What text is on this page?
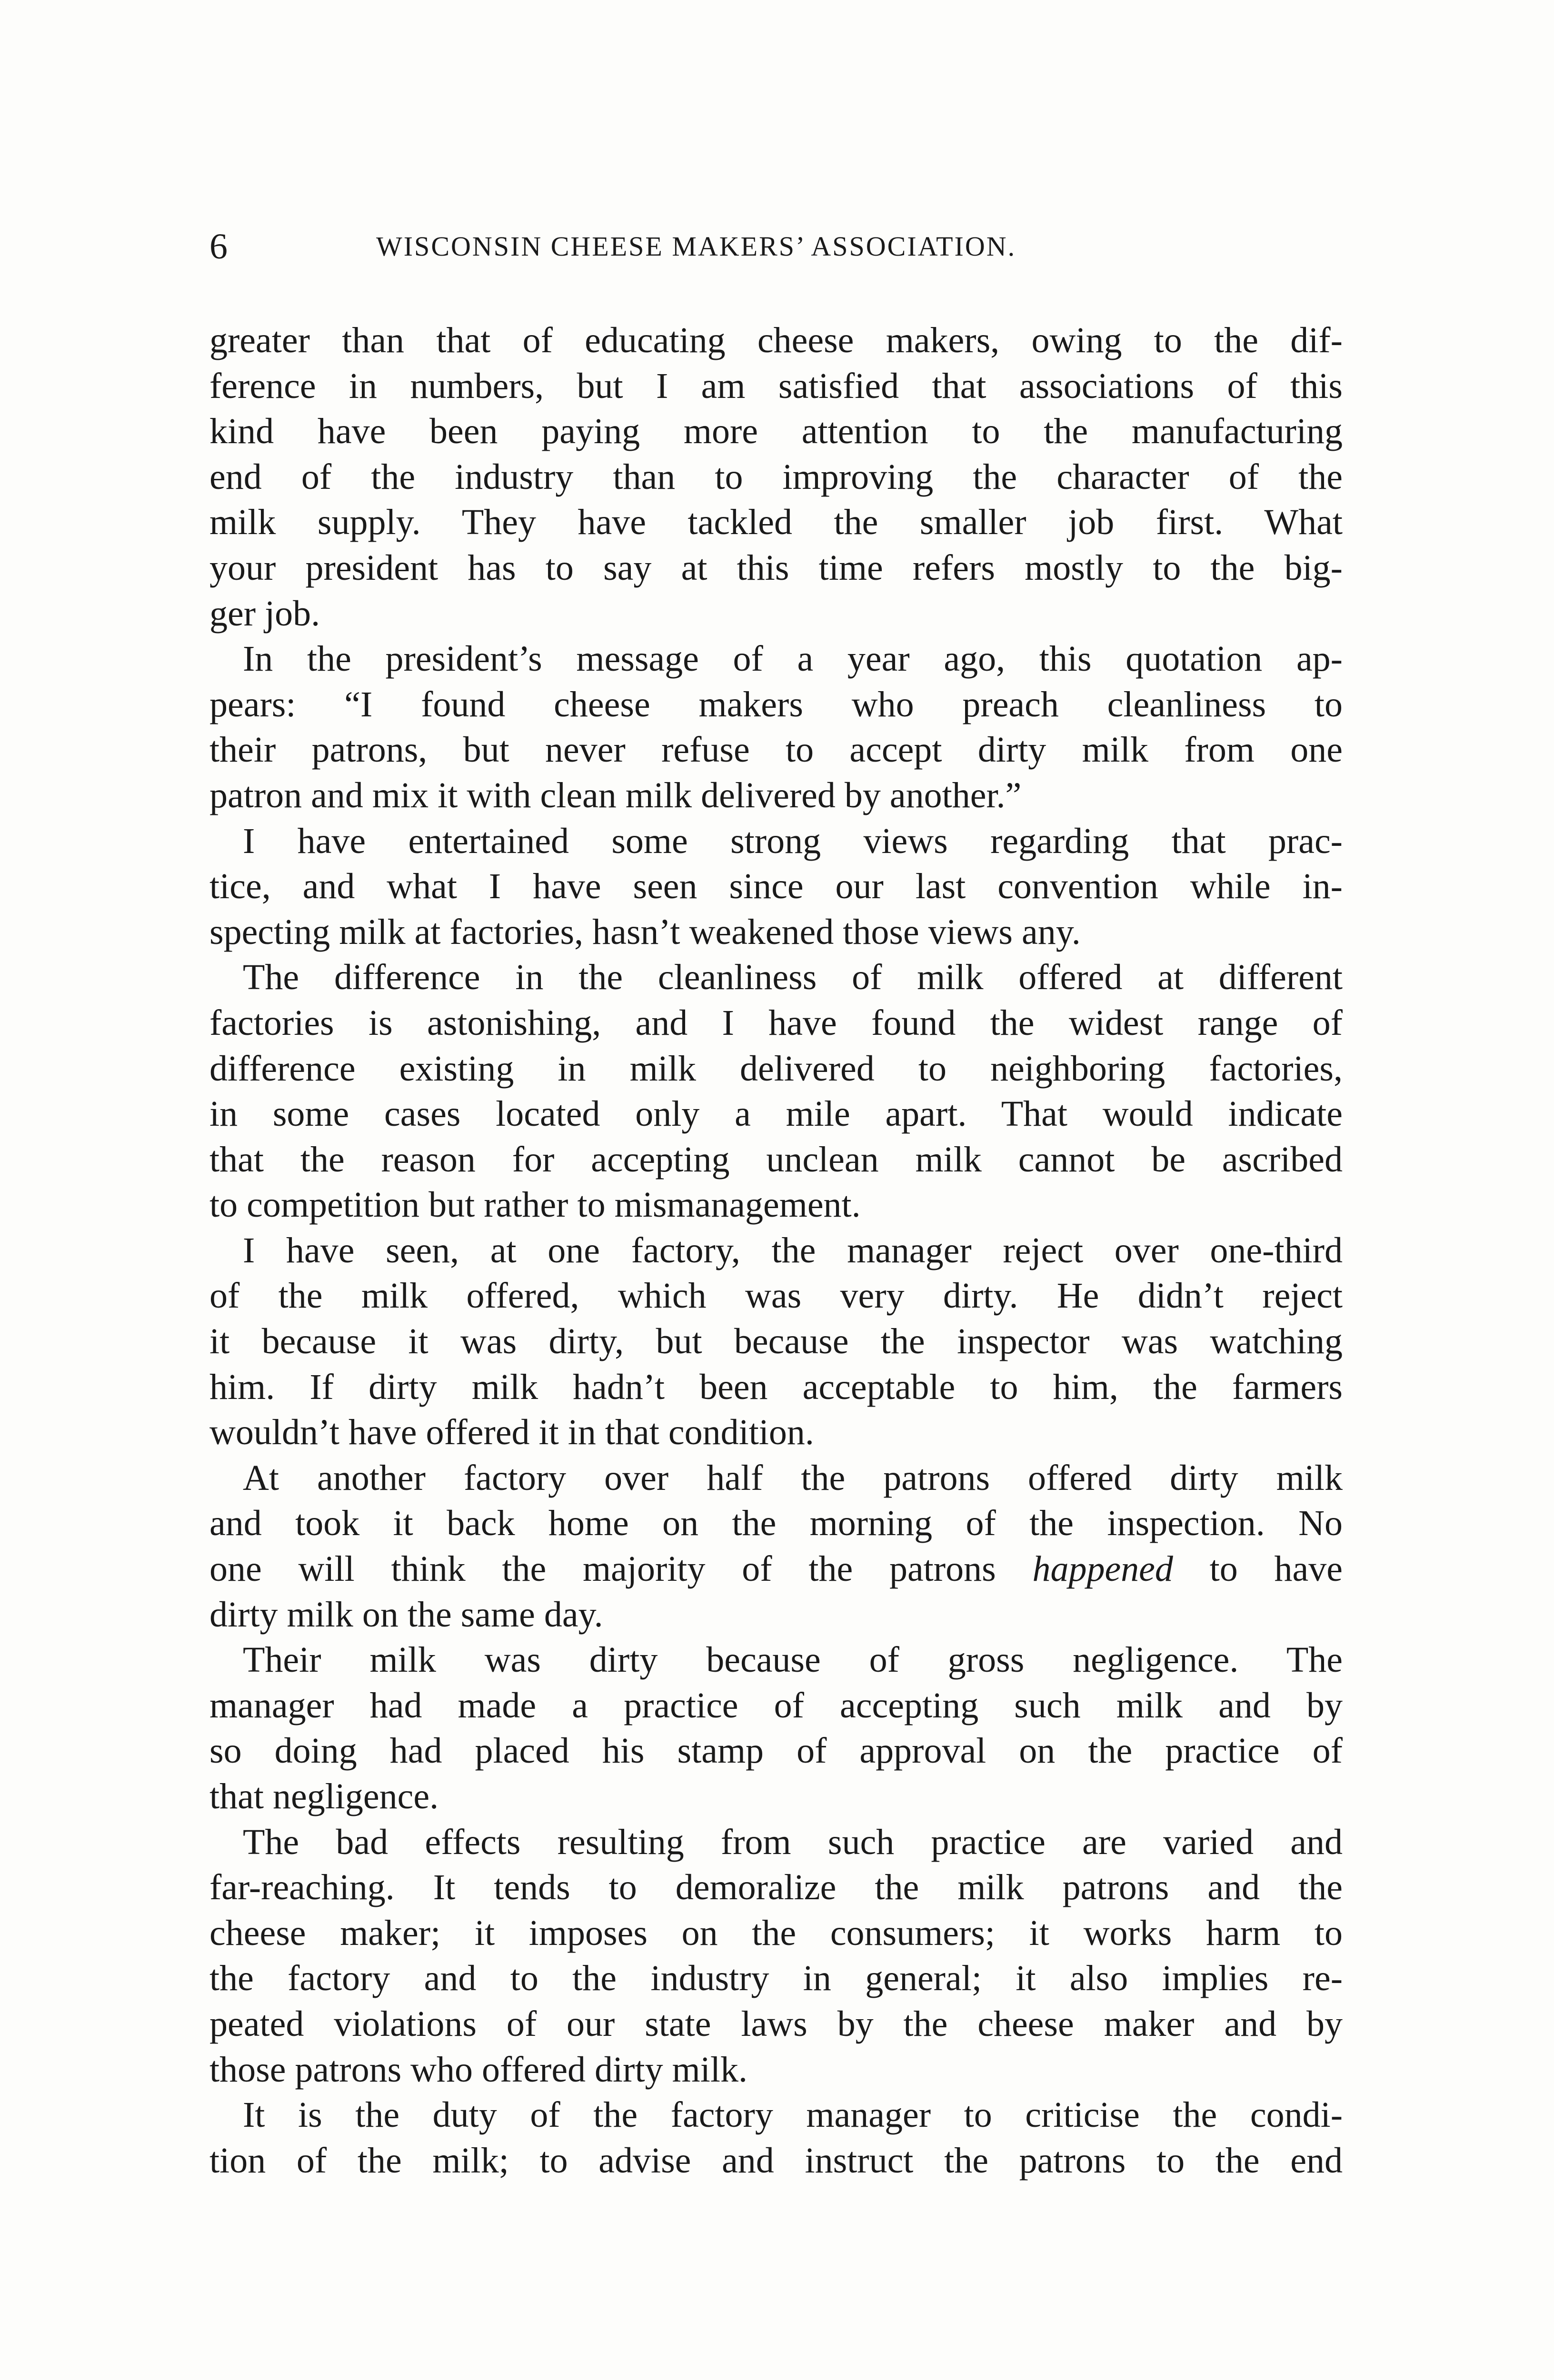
6	WISCONSIN CHEESE MAKERS’ ASSOCIATION.

greater than that of educating cheese makers, owing to the dif-
ference in numbers, but I am satisfied that associations of this
kind have been paying more attention to the manufacturing
end of the industry than to improving the character of the
milk supply. They have tackled the smaller job first. What
your president has to say at this time refers mostly to the big-
ger job.

In the president’s message of a year ago, this quotation ap-
pears: “I found cheese makers who preach cleanliness to
their patrons, but never refuse to accept dirty milk from one
patron and mix it with clean milk delivered by another.”

I have entertained some strong views regarding that prac-
tice, and what I have seen since our last convention while in-
specting milk at factories, hasn’t weakened those views any.

The difference in the cleanliness of milk offered at different
factories is astonishing, and I have found the widest range of
difference existing in milk delivered to neighboring factories,
in some cases located only a mile apart. That would indicate
that the reason for accepting unclean milk cannot be ascribed
to competition but rather to mismanagement.

I have seen, at one factory, the manager reject over one-third
of the milk offered, which was very dirty. He didn’t reject
it because it was dirty, but because the inspector was watching
him. If dirty milk hadn’t been acceptable to him, the farmers
wouldn’t have offered it in that condition.

At another factory over half the patrons offered dirty milk
and took it back home on the morning of the inspection. No
one will think the majority of the patrons happened to have
dirty milk on the same day.

Their milk was dirty because of gross negligence. The
manager had made a practice of accepting such milk and by
so doing had placed his stamp of approval on the practice of
that negligence.

The bad effects resulting from such practice are varied and
far-reaching. It tends to demoralize the milk patrons and the
cheese maker; it imposes on the consumers; it works harm to
the factory and to the industry in general; it also implies re-
peated violations of our state laws by the cheese maker and by
those patrons who offered dirty milk.

It is the duty of the factory manager to criticise the condi-
tion of the milk; to advise and instruct the patrons to the end
